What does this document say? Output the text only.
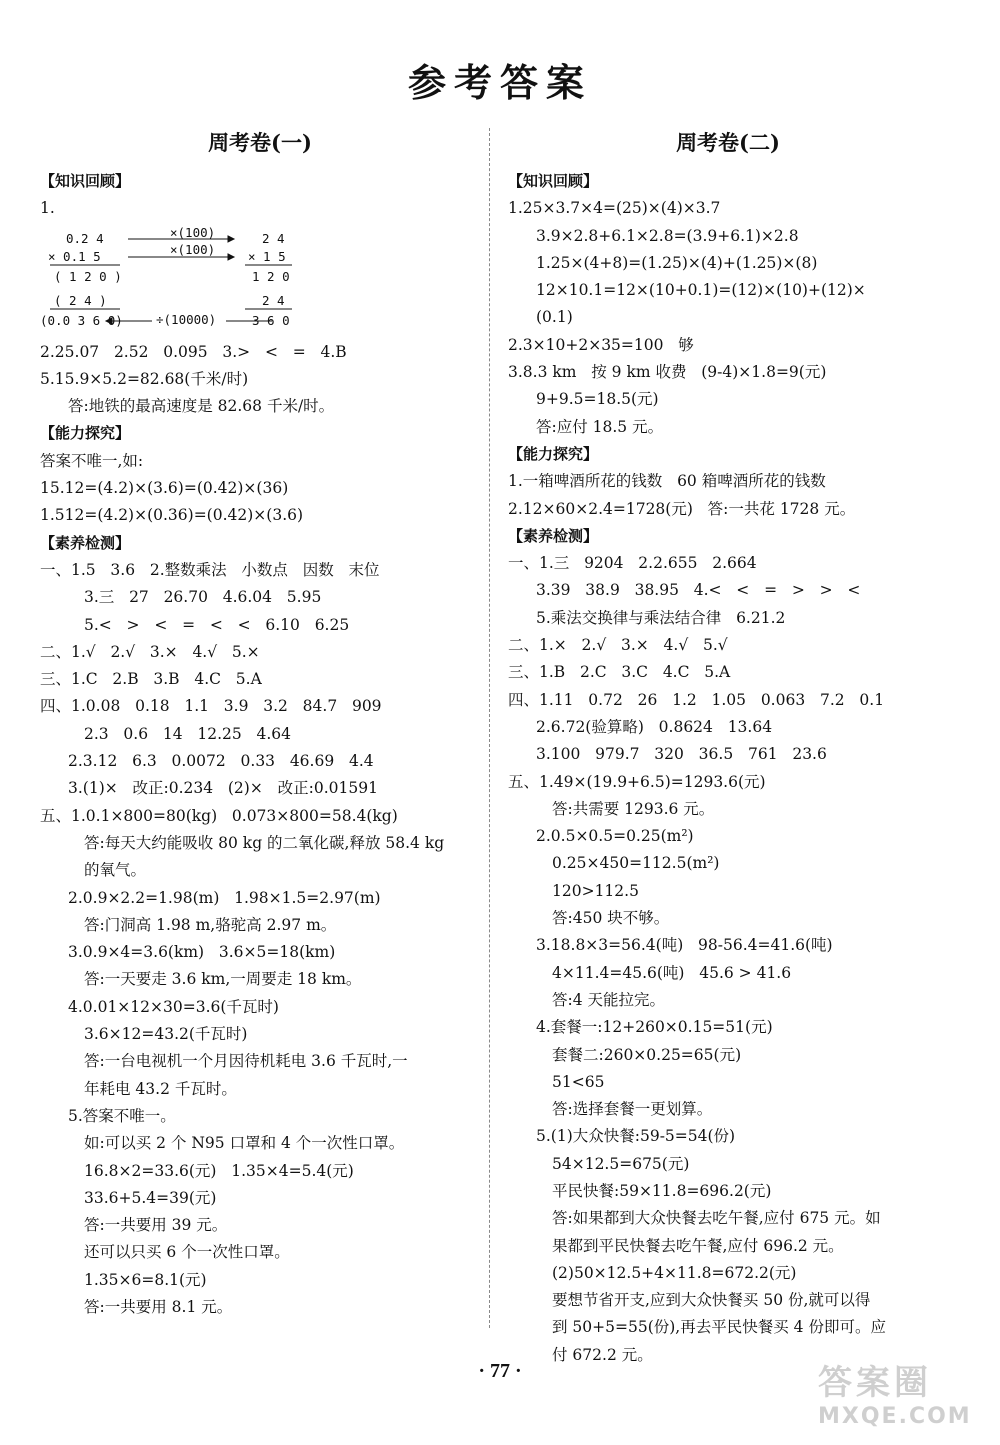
参考答案
周考卷(一)
【知识回顾】
1.
×(100)
×(100)
÷(10000)
0.2 4
× 0.1 5
( 1 2 0 )
( 2 4 )
(0.0 3 6 0)
2 4
× 1 5
1 2 0
2 4
3 6 0
2.25.07   2.52   0.095   3.>   <   =   4.B
5.15.9×5.2=82.68(千米/时)
答:地铁的最高速度是 82.68 千米/时。
【能力探究】
答案不唯一,如:
15.12=(4.2)×(3.6)=(0.42)×(36)
1.512=(4.2)×(0.36)=(0.42)×(3.6)
【素养检测】
一、1.5   3.6   2.整数乘法   小数点   因数   末位
3.三   27   26.70   4.6.04   5.95
5.<   >   <   =   <   <   6.10   6.25
二、1.√   2.√   3.×   4.√   5.×
三、1.C   2.B   3.B   4.C   5.A
四、1.0.08   0.18   1.1   3.9   3.2   84.7   909
2.3   0.6   14   12.25   4.64
2.3.12   6.3   0.0072   0.33   46.69   4.4
3.(1)×   改正:0.234   (2)×   改正:0.01591
五、1.0.1×800=80(kg)   0.073×800=58.4(kg)
答:每天大约能吸收 80 kg 的二氧化碳,释放 58.4 kg
的氧气。
2.0.9×2.2=1.98(m)   1.98×1.5=2.97(m)
答:门洞高 1.98 m,骆驼高 2.97 m。
3.0.9×4=3.6(km)   3.6×5=18(km)
答:一天要走 3.6 km,一周要走 18 km。
4.0.01×12×30=3.6(千瓦时)
3.6×12=43.2(千瓦时)
答:一台电视机一个月因待机耗电 3.6 千瓦时,一
年耗电 43.2 千瓦时。
5.答案不唯一。
如:可以买 2 个 N95 口罩和 4 个一次性口罩。
16.8×2=33.6(元)   1.35×4=5.4(元)
33.6+5.4=39(元)
答:一共要用 39 元。
还可以只买 6 个一次性口罩。
1.35×6=8.1(元)
答:一共要用 8.1 元。
周考卷(二)
【知识回顾】
1.25×3.7×4=(25)×(4)×3.7
3.9×2.8+6.1×2.8=(3.9+6.1)×2.8
1.25×(4+8)=(1.25)×(4)+(1.25)×(8)
12×10.1=12×(10+0.1)=(12)×(10)+(12)×
(0.1)
2.3×10+2×35=100   够
3.8.3 km   按 9 km 收费   (9-4)×1.8=9(元)
9+9.5=18.5(元)
答:应付 18.5 元。
【能力探究】
1.一箱啤酒所花的钱数   60 箱啤酒所花的钱数
2.12×60×2.4=1728(元)   答:一共花 1728 元。
【素养检测】
一、1.三   9204   2.2.655   2.664
3.39   38.9   38.95   4.<   <   =   >   >   <
5.乘法交换律与乘法结合律   6.21.2
二、1.×   2.√   3.×   4.√   5.√
三、1.B   2.C   3.C   4.C   5.A
四、1.11   0.72   26   1.2   1.05   0.063   7.2   0.1
2.6.72(验算略)   0.8624   13.64
3.100   979.7   320   36.5   761   23.6
五、1.49×(19.9+6.5)=1293.6(元)
答:共需要 1293.6 元。
2.0.5×0.5=0.25(m²)
0.25×450=112.5(m²)
120>112.5
答:450 块不够。
3.18.8×3=56.4(吨)   98-56.4=41.6(吨)
4×11.4=45.6(吨)   45.6 > 41.6
答:4 天能拉完。
4.套餐一:12+260×0.15=51(元)
套餐二:260×0.25=65(元)
51<65
答:选择套餐一更划算。
5.(1)大众快餐:59-5=54(份)
54×12.5=675(元)
平民快餐:59×11.8=696.2(元)
答:如果都到大众快餐去吃午餐,应付 675 元。如
果都到平民快餐去吃午餐,应付 696.2 元。
(2)50×12.5+4×11.8=672.2(元)
要想节省开支,应到大众快餐买 50 份,就可以得
到 50+5=55(份),再去平民快餐买 4 份即可。应
付 672.2 元。
· 77 ·	答案圈
MXQE.COM
